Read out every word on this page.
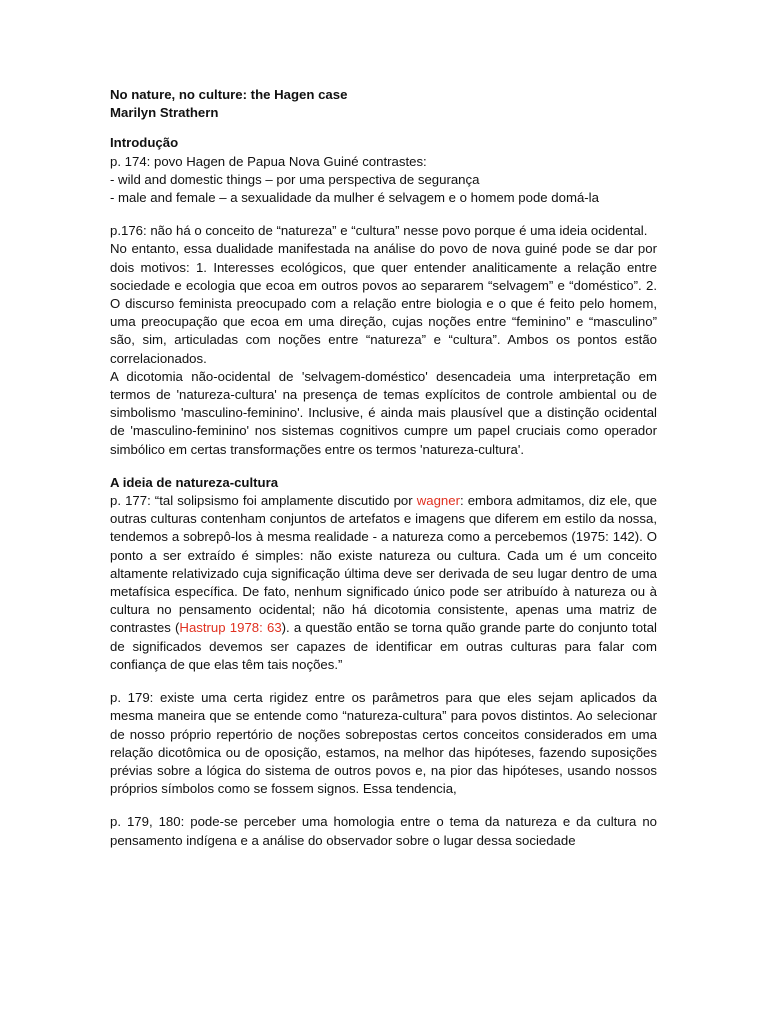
No nature, no culture: the Hagen case

Marilyn Strathern

Introdução

p. 174: povo Hagen de Papua Nova Guiné contrastes:

- wild and domestic things – por uma perspectiva de segurança

- male and female – a sexualidade da mulher é selvagem e o homem pode domá-la

p.176: não há o conceito de “natureza” e “cultura” nesse povo porque é uma ideia ocidental.

No entanto, essa dualidade manifestada na análise do povo de nova guiné pode se dar por dois motivos: 1. Interesses ecológicos, que quer entender analiticamente a relação entre sociedade e ecologia que ecoa em outros povos ao separarem “selvagem” e “doméstico”. 2. O discurso feminista preocupado com a relação entre biologia e o que é feito pelo homem, uma preocupação que ecoa em uma direção, cujas noções entre “feminino” e “masculino” são, sim, articuladas com noções entre “natureza” e “cultura”. Ambos os pontos estão correlacionados.

A dicotomia não-ocidental de 'selvagem-doméstico' desencadeia uma interpretação em termos de 'natureza-cultura' na presença de temas explícitos de controle ambiental ou de simbolismo 'masculino-feminino'. Inclusive, é ainda mais plausível que a distinção ocidental de 'masculino-feminino' nos sistemas cognitivos cumpre um papel cruciais como operador simbólico em certas transformações entre os termos 'natureza-cultura'.

A ideia de natureza-cultura

p. 177: “tal solipsismo foi amplamente discutido por wagner: embora admitamos, diz ele, que outras culturas contenham conjuntos de artefatos e imagens que diferem em estilo da nossa, tendemos a sobrepô-los à mesma realidade - a natureza como a percebemos (1975: 142). O ponto a ser extraído é simples: não existe natureza ou cultura. Cada um é um conceito altamente relativizado cuja significação última deve ser derivada de seu lugar dentro de uma metafísica específica. De fato, nenhum significado único pode ser atribuído à natureza ou à cultura no pensamento ocidental; não há dicotomia consistente, apenas uma matriz de contrastes (Hastrup 1978: 63). a questão então se torna quão grande parte do conjunto total de significados devemos ser capazes de identificar em outras culturas para falar com confiança de que elas têm tais noções.”

p. 179: existe uma certa rigidez entre os parâmetros para que eles sejam aplicados da mesma maneira que se entende como “natureza-cultura” para povos distintos. Ao selecionar de nosso próprio repertório de noções sobrepostas certos conceitos considerados em uma relação dicotômica ou de oposição, estamos, na melhor das hipóteses, fazendo suposições prévias sobre a lógica do sistema de outros povos e, na pior das hipóteses, usando nossos próprios símbolos como se fossem signos. Essa tendencia,

p. 179, 180: pode-se perceber uma homologia entre o tema da natureza e da cultura no pensamento indígena e a análise do observador sobre o lugar dessa sociedade
